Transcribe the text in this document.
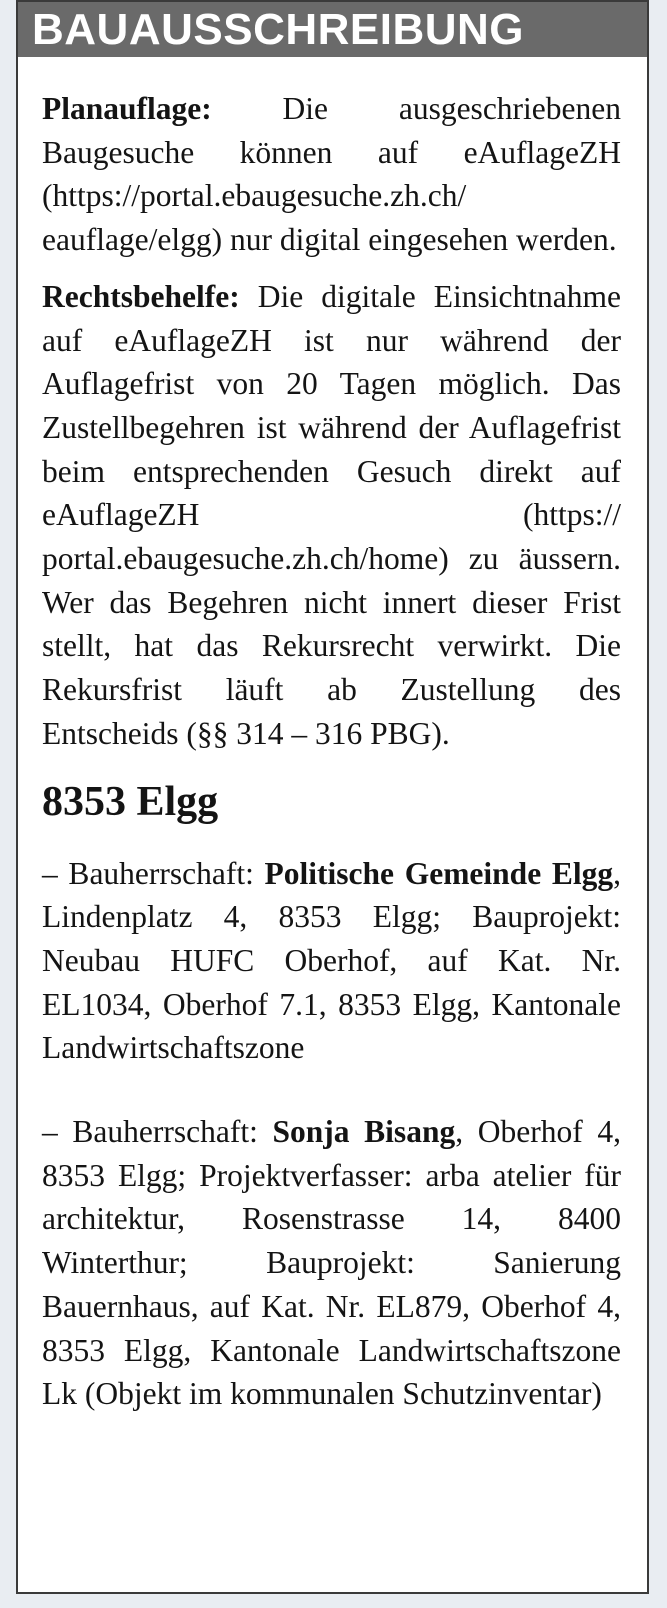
BAUAUSSCHREIBUNG

Planauflage: Die ausgeschriebenen Baugesuche können auf eAuflageZH (https://portal.ebaugesuche.zh.ch/ eauflage/elgg) nur digital eingesehen werden.

Rechtsbehelfe: Die digitale Einsichtnahme auf eAuflageZH ist nur während der Auflagefrist von 20 Tagen möglich. Das Zustellbegehren ist während der Auflagefrist beim entsprechenden Gesuch direkt auf eAuflageZH (https:// portal.ebaugesuche.zh.ch/home) zu äussern. Wer das Begehren nicht innert dieser Frist stellt, hat das Rekursrecht verwirkt. Die Rekursfrist läuft ab Zustellung des Entscheids (§§ 314 – 316 PBG).

8353 Elgg

– Bauherrschaft: Politische Gemeinde Elgg, Lindenplatz 4, 8353 Elgg; Bauprojekt: Neubau HUFC Oberhof, auf Kat. Nr. EL1034, Oberhof 7.1, 8353 Elgg, Kantonale Landwirtschaftszone

– Bauherrschaft: Sonja Bisang, Oberhof 4, 8353 Elgg; Projektverfasser: arba atelier für architektur, Rosenstrasse 14, 8400 Winterthur; Bauprojekt: Sanierung Bauernhaus, auf Kat. Nr. EL879, Oberhof 4, 8353 Elgg, Kantonale Landwirtschaftszone Lk (Objekt im kommunalen Schutzinventar)
